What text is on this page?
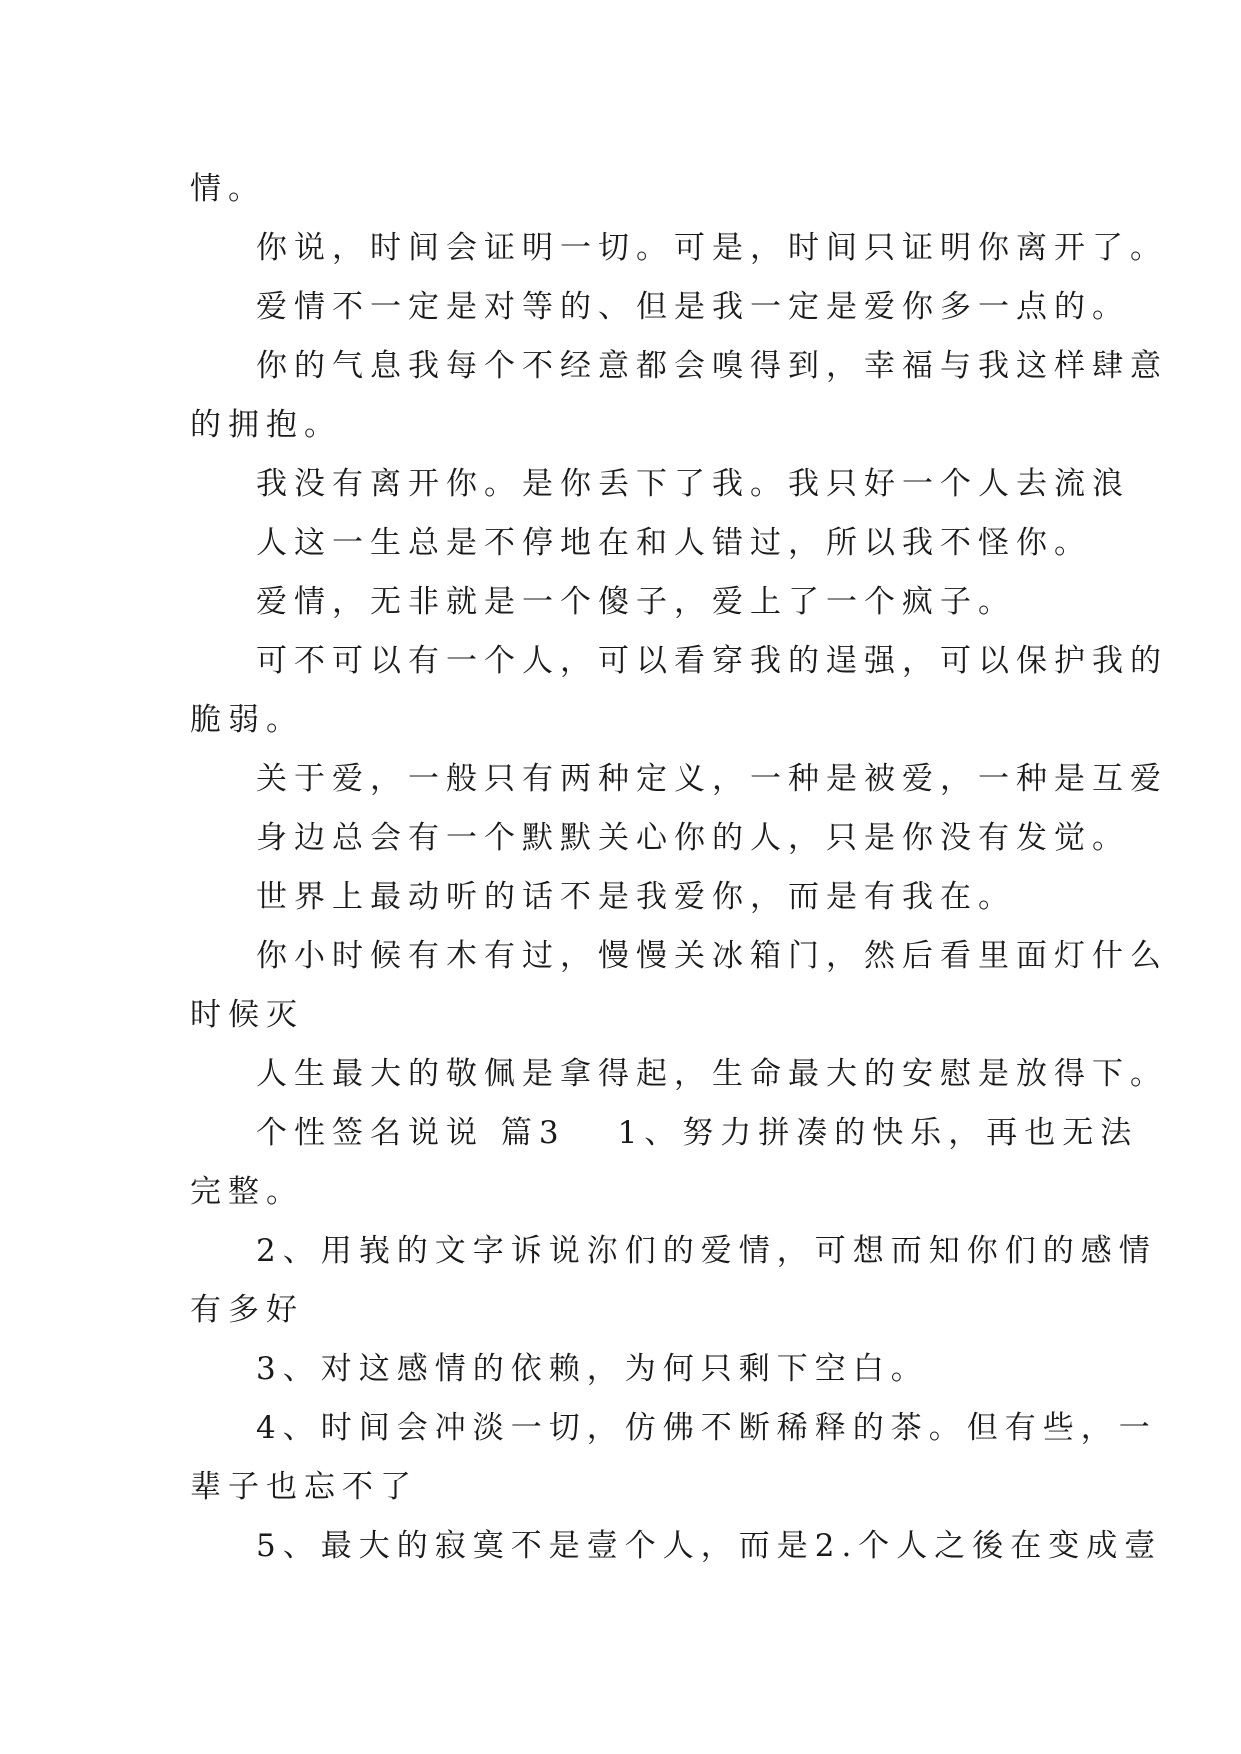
情。
你说，时间会证明一切。可是，时间只证明你离开了。
爱情不一定是对等的、但是我一定是爱你多一点的。
你的气息我每个不经意都会嗅得到，幸福与我这样肆意
的拥抱。
我没有离开你。是你丢下了我。我只好一个人去流浪
人这一生总是不停地在和人错过，所以我不怪你。
爱情，无非就是一个傻子，爱上了一个疯子。
可不可以有一个人，可以看穿我的逞强，可以保护我的
脆弱。
关于爱，一般只有两种定义，一种是被爱，一种是互爱
身边总会有一个默默关心你的人，只是你没有发觉。
世界上最动听的话不是我爱你，而是有我在。
你小时候有木有过，慢慢关冰箱门，然后看里面灯什么
时候灭
人生最大的敬佩是拿得起，生命最大的安慰是放得下。
个性签名说说 篇3 1、努力拼凑的快乐，再也无法
完整。
2、用峩的文字诉说沵们的爱情，可想而知你们的感情
有多好
3、对这感情的依赖，为何只剩下空白。
4、时间会冲淡一切，仿佛不断稀释的茶。但有些，一
辈子也忘不了
5、最大的寂寞不是壹个人，而是2.个人之後在变成壹
